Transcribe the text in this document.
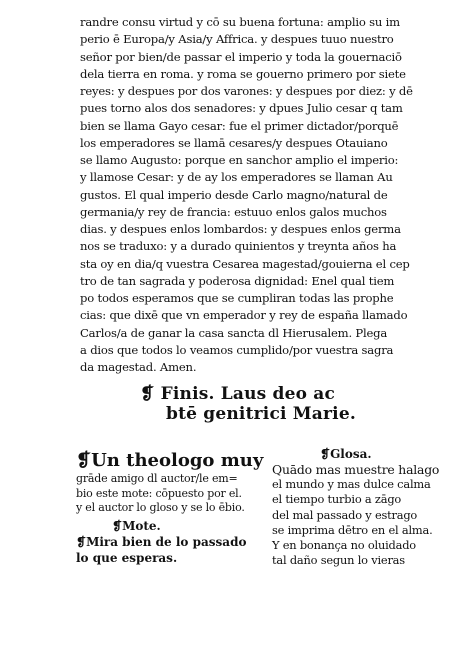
randre consu virtud y cō su buena fortuna: amplio su im
perio ē Europa/y Asia/y Affrica. y despues tuuo nuestro
señor por bien/de passar el imperio y toda la gouernaciō
dela tierra en roma. y roma se gouerno primero por siete
reyes: y despues por dos varones: y despues por diez: y dē
pues torno alos dos senadores: y dpues Julio cesar q tam
bien se llama Gayo cesar: fue el primer dictador/porquē
los emperadores se llamā cesares/y despues Otauiano
se llamo Augusto: porque en sanchor amplio el imperio:
y llamose Cesar: y de ay los emperadores se llaman Au
gustos. El qual imperio desde Carlo magno/natural de
germania/y rey de francia: estuuo enlos galos muchos
dias. y despues enlos lombardos: y despues enlos germa
nos se traduxo: y a durado quinientos y treynta años ha
sta oy en dia/q vuestra Cesarea magestad/gouierna el cep
tro de tan sagrada y poderosa dignidad: Enel qual tiem
po todos esperamos que se cumpliran todas las prophe
cias: que dixē que vn emperador y rey de españa llamado
Carlos/a de ganar la casa sancta dl Hierusalem. Plega
a dios que todos lo veamos cumplido/por vuestra sagra
da magestad. Amen.
❡ Finis. Laus deo ac
btē genitrici Marie.
❡Un theologo muy
grāde amigo dl auctor/le em=
bio este mote: cōpuesto por el.
y el auctor lo gloso y se lo ēbio.
❡Mote.
❡Mira bien de lo passado
lo que esperas.
❡Glosa.
Quādo mas muestre halago
el mundo y mas dulce calma
el tiempo turbio a zāgo
del mal passado y estrago
se imprima dētro en el alma.
Y en bonança no oluidado
tal daño segun lo vieras
